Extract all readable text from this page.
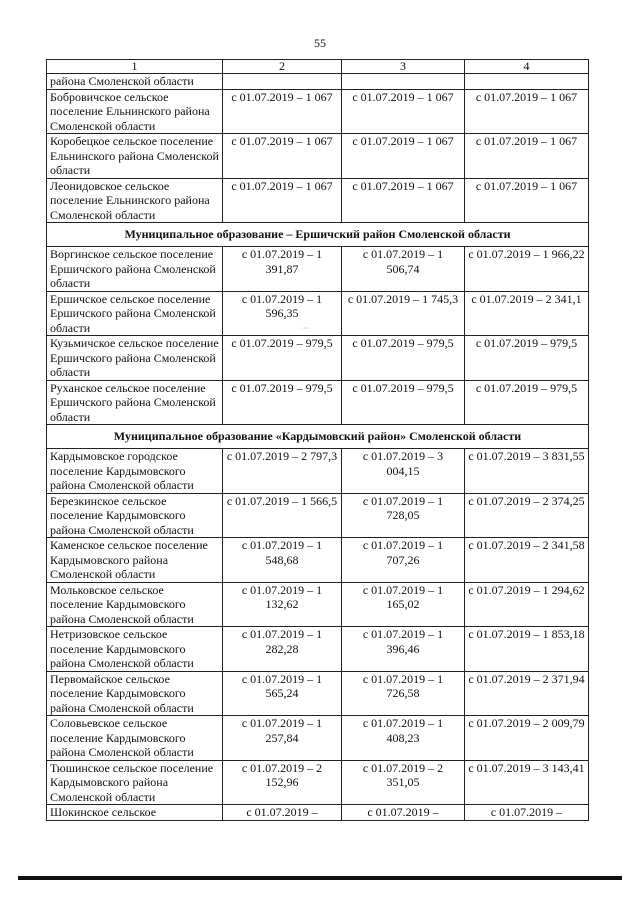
55
1	2	3	4
района Смоленской области			
Бобровичское сельское поселение Ельнинского района Смоленской области	с 01.07.2019 – 1 067	с 01.07.2019 – 1 067	с 01.07.2019 – 1 067
Коробецкое сельское поселение Ельнинского района Смоленской области	с 01.07.2019 – 1 067	с 01.07.2019 – 1 067	с 01.07.2019 – 1 067
Леонидовское сельское поселение Ельнинского района Смоленской области	с 01.07.2019 – 1 067	с 01.07.2019 – 1 067	с 01.07.2019 – 1 067
Муниципальное образование – Ершичский район Смоленской области			
Воргинское сельское поселение Ершичского района Смоленской области	с 01.07.2019 – 1 391,87	с 01.07.2019 – 1 506,74	с 01.07.2019 – 1 966,22
Ершичское сельское поселение Ершичского района Смоленской области	с 01.07.2019 – 1 596,35	с 01.07.2019 – 1 745,3	с 01.07.2019 – 2 341,1
Кузьмичское сельское поселение Ершичского района Смоленской области	с 01.07.2019 – 979,5	с 01.07.2019 – 979,5	с 01.07.2019 – 979,5
Руханское сельское поселение Ершичского района Смоленской области	с 01.07.2019 – 979,5	с 01.07.2019 – 979,5	с 01.07.2019 – 979,5
Муниципальное образование «Кардымовский район» Смоленской области			
Кардымовское городское поселение Кардымовского района Смоленской области	с 01.07.2019 – 2 797,3	с 01.07.2019 – 3 004,15	с 01.07.2019 – 3 831,55
Березкинское сельское поселение Кардымовского района Смоленской области	с 01.07.2019 – 1 566,5	с 01.07.2019 – 1 728,05	с 01.07.2019 – 2 374,25
Каменское сельское поселение Кардымовского района Смоленской области	с 01.07.2019 – 1 548,68	с 01.07.2019 – 1 707,26	с 01.07.2019 – 2 341,58
Мольковское сельское поселение Кардымовского района Смоленской области	с 01.07.2019 – 1 132,62	с 01.07.2019 – 1 165,02	с 01.07.2019 – 1 294,62
Нетризовское сельское поселение Кардымовского района Смоленской области	с 01.07.2019 – 1 282,28	с 01.07.2019 – 1 396,46	с 01.07.2019 – 1 853,18
Первомайское сельское поселение Кардымовского района Смоленской области	с 01.07.2019 – 1 565,24	с 01.07.2019 – 1 726,58	с 01.07.2019 – 2 371,94
Соловьевское сельское поселение Кардымовского района Смоленской области	с 01.07.2019 – 1 257,84	с 01.07.2019 – 1 408,23	с 01.07.2019 – 2 009,79
Тюшинское сельское поселение Кардымовского района Смоленской области	с 01.07.2019 – 2 152,96	с 01.07.2019 – 2 351,05	с 01.07.2019 – 3 143,41
Шокинское сельское	с 01.07.2019 –	с 01.07.2019 –	с 01.07.2019 –
°°
